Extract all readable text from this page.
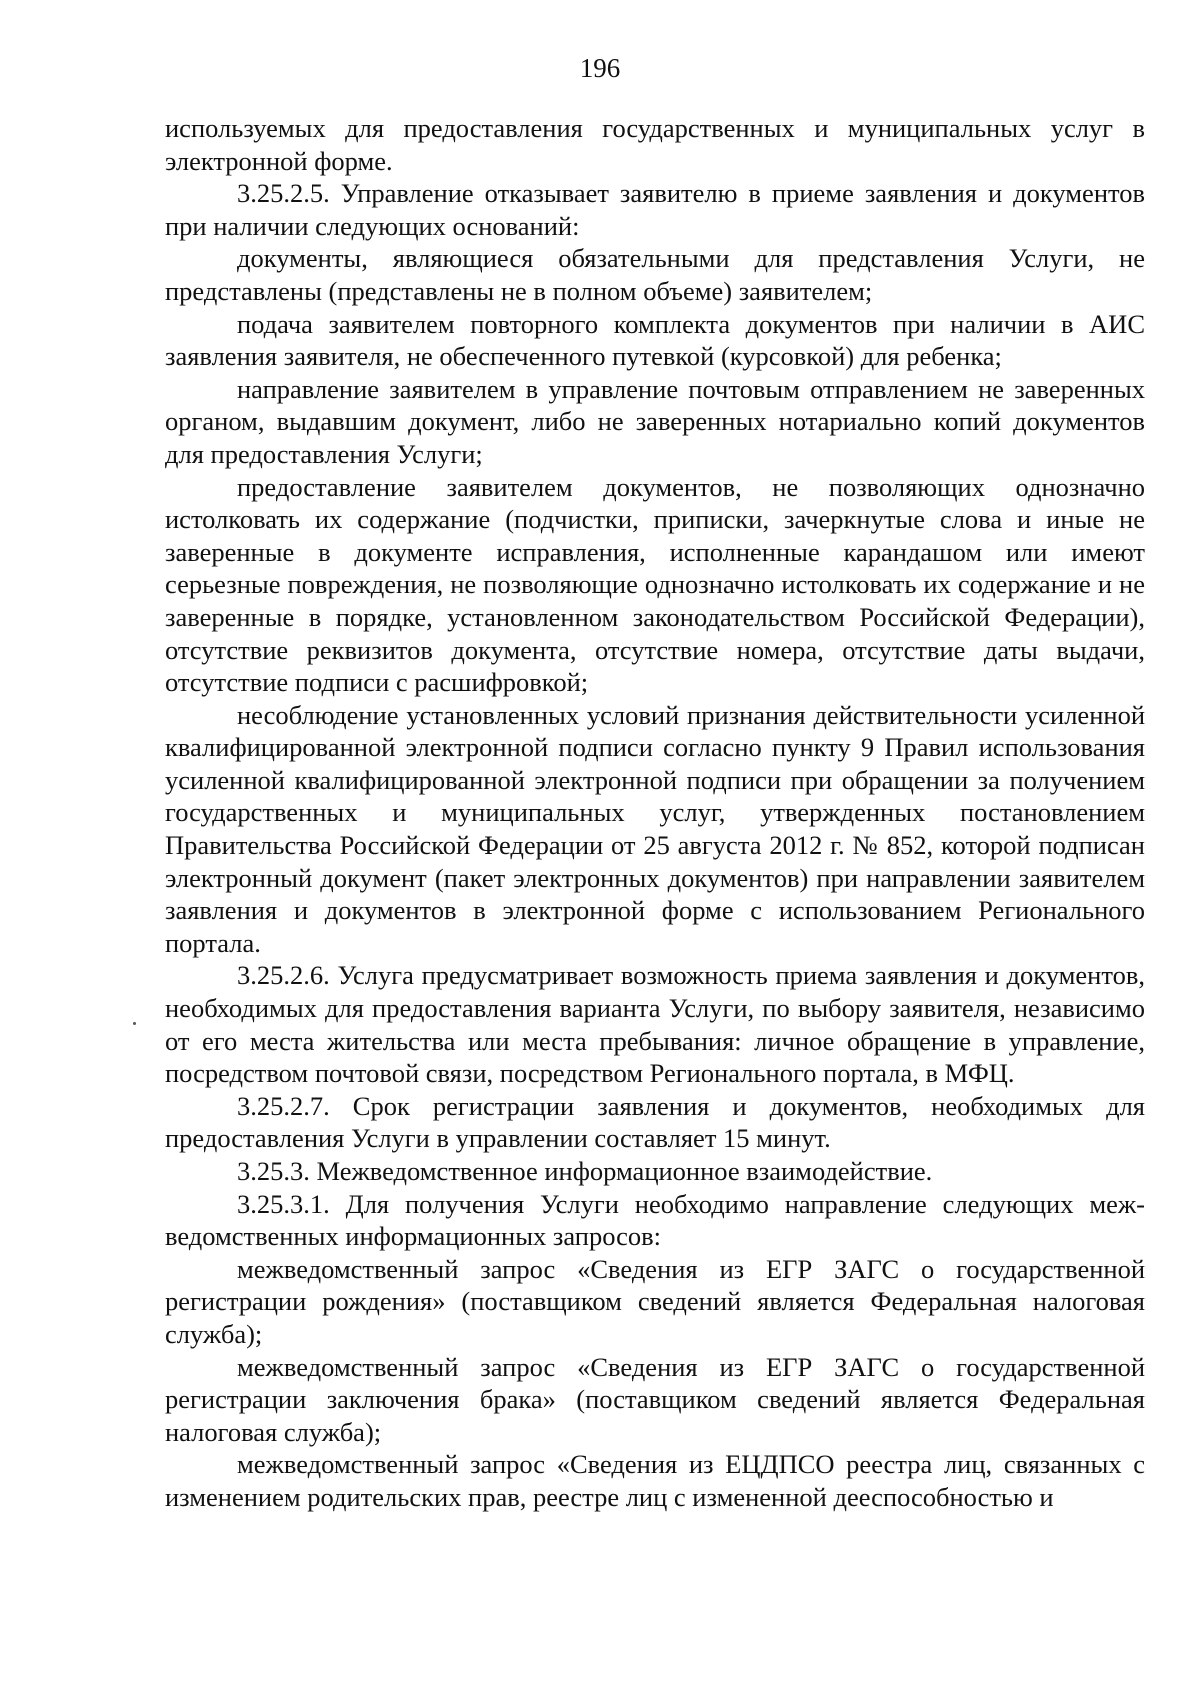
196

используемых для предоставления государственных и муниципальных услуг в электронной форме.

3.25.2.5. Управление отказывает заявителю в приеме заявления и документов при наличии следующих оснований:

документы, являющиеся обязательными для представления Услуги, не представлены (представлены не в полном объеме) заявителем;

подача заявителем повторного комплекта документов при наличии в АИС заявления заявителя, не обеспеченного путевкой (курсовкой) для ребенка;

направление заявителем в управление почтовым отправлением не заверенных органом, выдавшим документ, либо не заверенных нотариально копий документов для предоставления Услуги;

предоставление заявителем документов, не позволяющих однозначно истолковать их содержание (подчистки, приписки, зачеркнутые слова и иные не заверенные в документе исправления, исполненные карандашом или имеют серьезные повреждения, не позволяющие однозначно истолковать их содержание и не заверенные в порядке, установленном законодательством Российской Федерации), отсутствие реквизитов документа, отсутствие номера, отсутствие даты выдачи, отсутствие подписи с расшифровкой;

несоблюдение установленных условий признания действительности усиленной квалифицированной электронной подписи согласно пункту 9 Правил использования усиленной квалифицированной электронной подписи при обращении за получением государственных и муниципальных услуг, утвержденных постановлением Правительства Российской Федерации от 25 августа 2012 г. № 852, которой подписан электронный документ (пакет электронных документов) при направлении заявителем заявления и документов в электронной форме с использованием Регионального портала.

3.25.2.6. Услуга предусматривает возможность приема заявления и документов, необходимых для предоставления варианта Услуги, по выбору заявителя, независимо от его места жительства или места пребывания: личное обращение в управление, посредством почтовой связи, посредством Регионального портала, в МФЦ.

3.25.2.7. Срок регистрации заявления и документов, необходимых для предоставления Услуги в управлении составляет 15 минут.

3.25.3. Межведомственное информационное взаимодействие.

3.25.3.1. Для получения Услуги необходимо направление следующих межведомственных информационных запросов:

межведомственный запрос «Сведения из ЕГР ЗАГС о государственной регистрации рождения» (поставщиком сведений является Федеральная налоговая служба);

межведомственный запрос «Сведения из ЕГР ЗАГС о государственной регистрации заключения брака» (поставщиком сведений является Федеральная налоговая служба);

межведомственный запрос «Сведения из ЕЦДПСО реестра лиц, связанных с изменением родительских прав, реестре лиц с измененной дееспособностью и
